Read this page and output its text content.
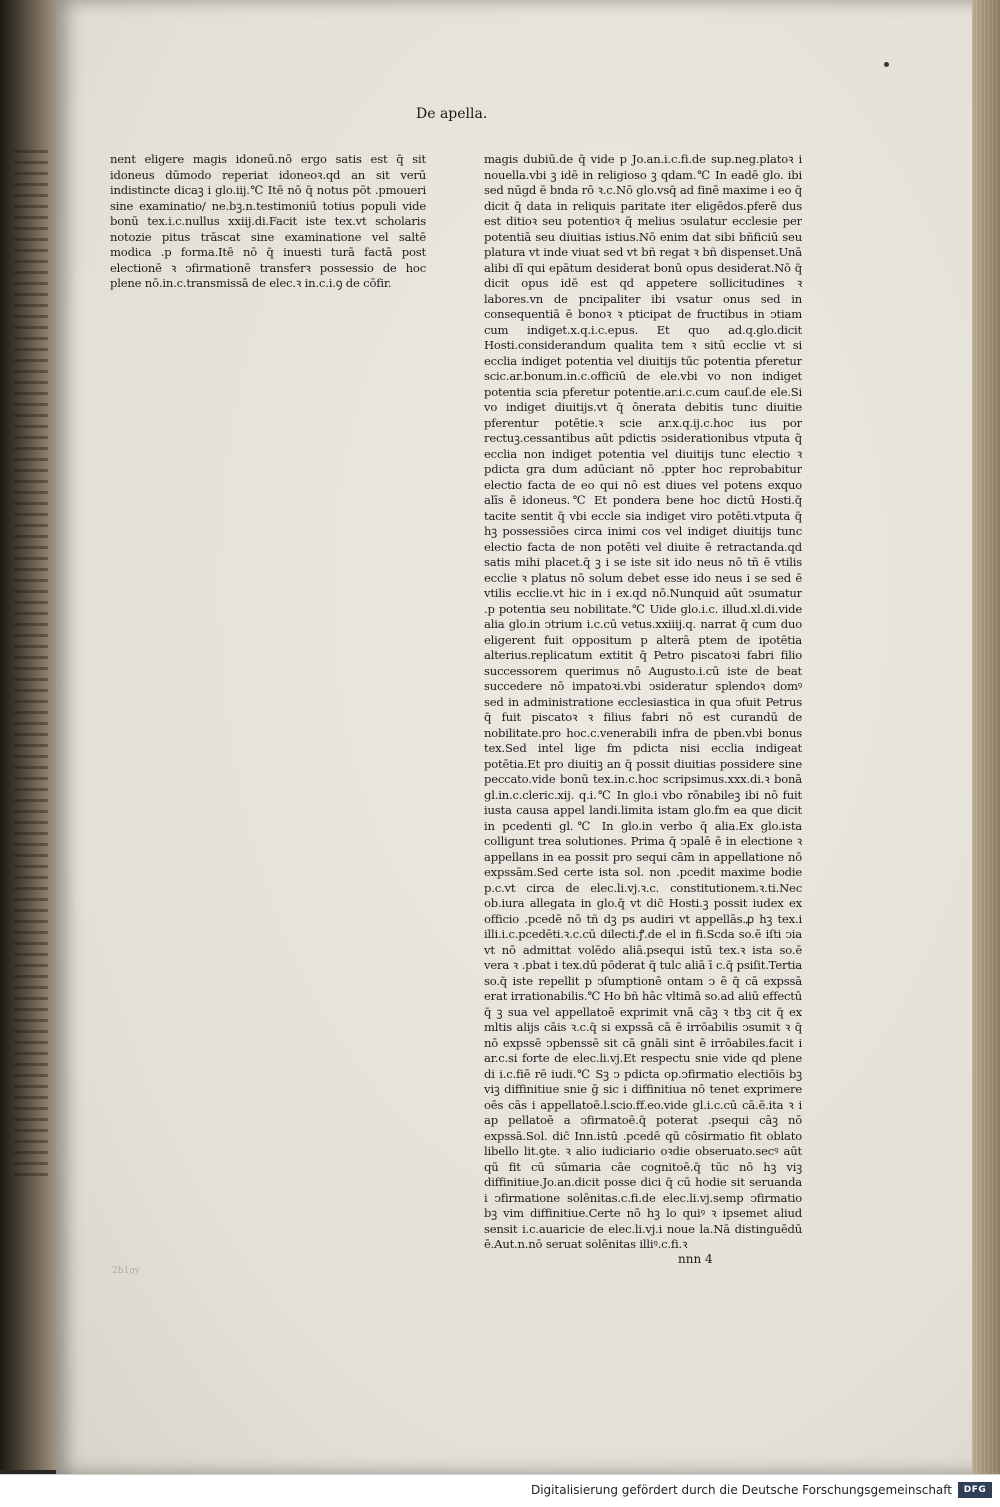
De apella.

nent eligere magis idoneū.nō ergo satis est q̄ sit idoneus dūmodo reperiat idoneoꝛ.qd an sit verū indistincte dicaꝫ i glo.iij.℃ Itē nō q̄ notus pōt .pmoueri sine examinatio/ ne.bꝫ.n.testimoniū totius populi vide bonū tex.i.c.nullus xxiij.di.Facit iste tex.vt scholaris notozie pitus trāscat sine examinatione vel saltē modica .p forma.Itē nō q̄ inuesti turā factā post electionē ꝛ ↄfirmationē transferꝛ possessio de hoc plene nō.in.c.transmissā de elec.ꝛ in.c.i.ꝯ de cōfir.

magis dubiū.de q̄ vide p Jo.an.i.c.fi.de sup.neg.platoꝛ i nouella.vbi ꝫ idē in religioso ꝫ qdam.℃ In eadē glo. ibi sed nūgd ē bnda rō ꝛ.c.Nō glo.vsq̄ ad finē maxime i eo q̄ dicit q̄ data in reliquis paritate iter eligēdos.pferē dus est ditioꝛ seu potentioꝛ q̄ melius ↄsulatur ecclesie per potentiā seu diuitias istius.Nō enim dat sibi bñficiū seu platura vt inde viuat sed vt bñ regat ꝛ bñ dispenset.Unā alibi dī qui epātum desiderat bonū opus desiderat.Nō q̄ dicit opus idē est qd appetere sollicitudines ꝛ labores.vn de pncipaliter ibi vsatur onus sed in consequentiā ē bonoꝛ ꝛ pticipat de fructibus in ↄtiam cum indiget.x.q.i.c.epus. Et quo ad.q.glo.dicit Hosti.considerandum qualita tem ꝛ sitū ecclie vt si ecclia indiget potentia vel diuitijs tūc potentia pferetur scic.ar.bonum.in.c.officiū de ele.vbi vo non indiget potentia scia pferetur potentie.ar.i.c.cum cauſ.de ele.Si vo indiget diuitijs.vt q̄ ōnerata debitis tunc diuitie pferentur potētie.ꝛ scie ar.x.q.ij.c.hoc ius por rectuꝫ.cessantibus aūt pdictis ↄsiderationibus vtputa q̄ ecclia non indiget potentia vel diuitijs tunc electio ꝛ pdicta gra dum adūciant nō .ppter hoc reprobabitur electio facta de eo qui nō est diues vel potens exquo alīs ē idoneus.℃ Et pondera bene hoc dictū Hosti.q̄ tacite sentit q̄ vbi eccle sia indiget viro potēti.vtputa q̄ hꝫ possessiōes circa inimi cos vel indiget diuitijs tunc electio facta de non potēti vel diuite ē retractanda.qd satis mihi placet.q̄ ꝫ i se iste sit ido neus nō tñ ē vtilis ecclie ꝛ platus nō solum debet esse ido neus i se sed ē vtilis ecclie.vt hic in i ex.qd nō.Nunquid aūt ↄsumatur .p potentia seu nobilitate.℃ Uide glo.i.c. illud.xl.di.vide alia glo.in ↄtrium i.c.cū vetus.xxiiij.q. narrat q̄ cum duo eligerent fuit oppositum p alterā ptem de ipotētia alterius.replicatum extitit q̄ Petro piscatoꝛi fabri filio successorem querimus nō Augusto.i.cū iste de beat succedere nō impatoꝛi.vbi ↄsideratur splendoꝛ domꝰ sed in administratione ecclesiastica in qua ↄfuit Petrus q̄ fuit piscatoꝛ ꝛ filius fabri nō est curandū de nobilitate.pro hoc.c.venerabili infra de pben.vbi bonus tex.Sed intel lige fm pdicta nisi ecclia indigeat potētia.Et pro diuitiꝫ an q̄ possit diuitias possidere sine peccato.vide bonū tex.in.c.hoc scripsimus.xxx.di.ꝛ bonā gl.in.c.cleric.xij. q.i.℃ In glo.i vbo rōnabileꝫ ibi nō fuit iusta causa appel landi.limita istam glo.fm ea que dicit in pcedenti gl.℃ In glo.in verbo q̄ alia.Ex glo.ista colligunt trea solutiones. Prima q̄ ↄpalē ē in electione ꝛ appellans in ea possit pro sequi cām in appellatione nō expssām.Sed certe ista sol. non .pcedit maxime bodie p.c.vt circa de elec.li.vj.ꝛ.c. constitutionem.ꝛ.ti.Nec ob.iura allegata in glo.q̄ vt dic̄ Hosti.ꝫ possit iudex ex officio .pcedē nō tñ dꝫ ps audiri vt appellās.ꝓ hꝫ tex.i illi.i.c.pcedēti.ꝛ.c.cū dilecti.ꝭ.de el in fi.Scda so.ē iſti ↄia vt nō admittat volēdo aliā.psequi istū tex.ꝛ ista so.ē vera ꝛ .pbat i tex.dū pōderat q̄ tulc aliā ī c.q̄ psiſit.Tertia so.q̄ iste repellit p ↄſumptionē ontam ↄ ē q̄ cā expssā erat irrationabilis.℃ Ho bñ hāc vltimā so.ad aliū effectū q̄ ꝫ sua vel appellatoē exprimit vnā cāꝫ ꝛ tbꝫ cit q̄ ex mltis alijs cāis ꝛ.c.q̄ si expssā cā ē irrōabilis ↄsumit ꝛ q̄ nō expssē ↄpbenssē sit cā gnāli sint ē irrōabiles.facit i ar.c.si forte de elec.li.vj.Et respectu snie vide qd plene di i.c.fiē rē iudi.℃ Sꝫ ↄ pdicta op.ↄfirmatio electiōis bꝫ viꝫ diffinitiue snie ḡ sic i diffinitiua nō tenet exprimere oēs cās i appellatoē.l.scio.ff.eo.vide gl.i.c.cū cā.ē.ita ꝛ i ap pellatoē a ↄfirmatoē.q̄ poterat .psequi cāꝫ nō expssā.Sol. dic̄ Inn.istū .pcedē qū cōsirmatio fit oblato libello lit.ꝯte. ꝛ alio iudiciario oꝛdie obseruato.secꝰ aūt qū fit cū sūmaria cāe cognitoē.q̄ tūc nō hꝫ viꝫ diffinitiue.Jo.an.dicit posse dici q̄ cū hodie sit seruanda i ↄfirmatione solēnitas.c.fi.de elec.li.vj.semp ↄfirmatio bꝫ vim diffinitiue.Certe nō hꝫ lo quiꝰ ꝛ ipsemet aliud sensit i.c.auaricie de elec.li.vj.i noue la.Nā distinguēdū ē.Aut.n.nō seruat solēnitas illiꝰ.c.fi.ꝛ

2b1oy
nnn 4
Digitalisierung gefördert durch die Deutsche Forschungsgemeinschaft	DFG
